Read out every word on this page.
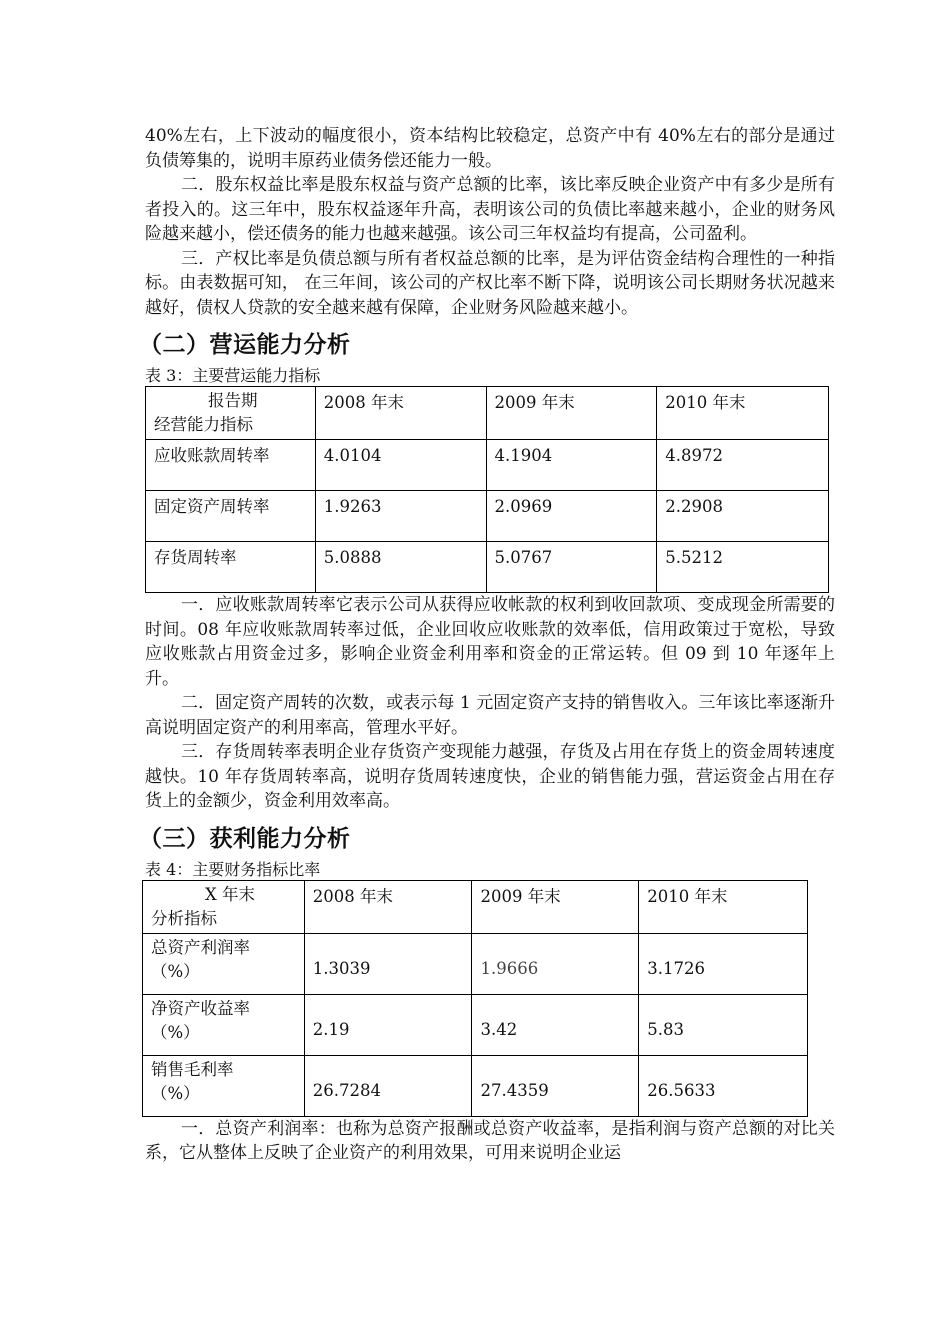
40%左右，上下波动的幅度很小，资本结构比较稳定，总资产中有 40%左右的部分是通过负债筹集的，说明丰原药业债务偿还能力一般。

二．股东权益比率是股东权益与资产总额的比率，该比率反映企业资产中有多少是所有者投入的。这三年中，股东权益逐年升高，表明该公司的负债比率越来越小，企业的财务风险越来越小，偿还债务的能力也越来越强。该公司三年权益均有提高，公司盈利。

三．产权比率是负债总额与所有者权益总额的比率，是为评估资金结构合理性的一种指标。由表数据可知， 在三年间，该公司的产权比率不断下降，说明该公司长期财务状况越来越好，债权人贷款的安全越来越有保障，企业财务风险越来越小。

（二）营运能力分析

表 3：主要营运能力指标

报告期
经营能力指标	2008 年末	2009 年末	2010 年末
应收账款周转率	4.0104	4.1904	4.8972
固定资产周转率	1.9263	2.0969	2.2908
存货周转率	5.0888	5.0767	5.5212

一．应收账款周转率它表示公司从获得应收帐款的权利到收回款项、变成现金所需要的时间。08 年应收账款周转率过低，企业回收应收账款的效率低，信用政策过于宽松，导致应收账款占用资金过多，影响企业资金利用率和资金的正常运转。但 09 到 10 年逐年上升。

二．固定资产周转的次数，或表示每 1 元固定资产支持的销售收入。三年该比率逐渐升高说明固定资产的利用率高，管理水平好。

三．存货周转率表明企业存货资产变现能力越强，存货及占用在存货上的资金周转速度越快。10 年存货周转率高，说明存货周转速度快，企业的销售能力强，营运资金占用在存货上的金额少，资金利用效率高。

（三）获利能力分析

表 4：主要财务指标比率

X 年末
分析指标	2008 年末	2009 年末	2010 年末

总资产利润率
（%）	1.3039	1.9666	3.1726

净资产收益率
（%）	2.19	3.42	5.83

销售毛利率
（%）	26.7284	27.4359	26.5633

一．总资产利润率：也称为总资产报酬或总资产收益率，是指利润与资产总额的对比关系，它从整体上反映了企业资产的利用效果，可用来说明企业运
